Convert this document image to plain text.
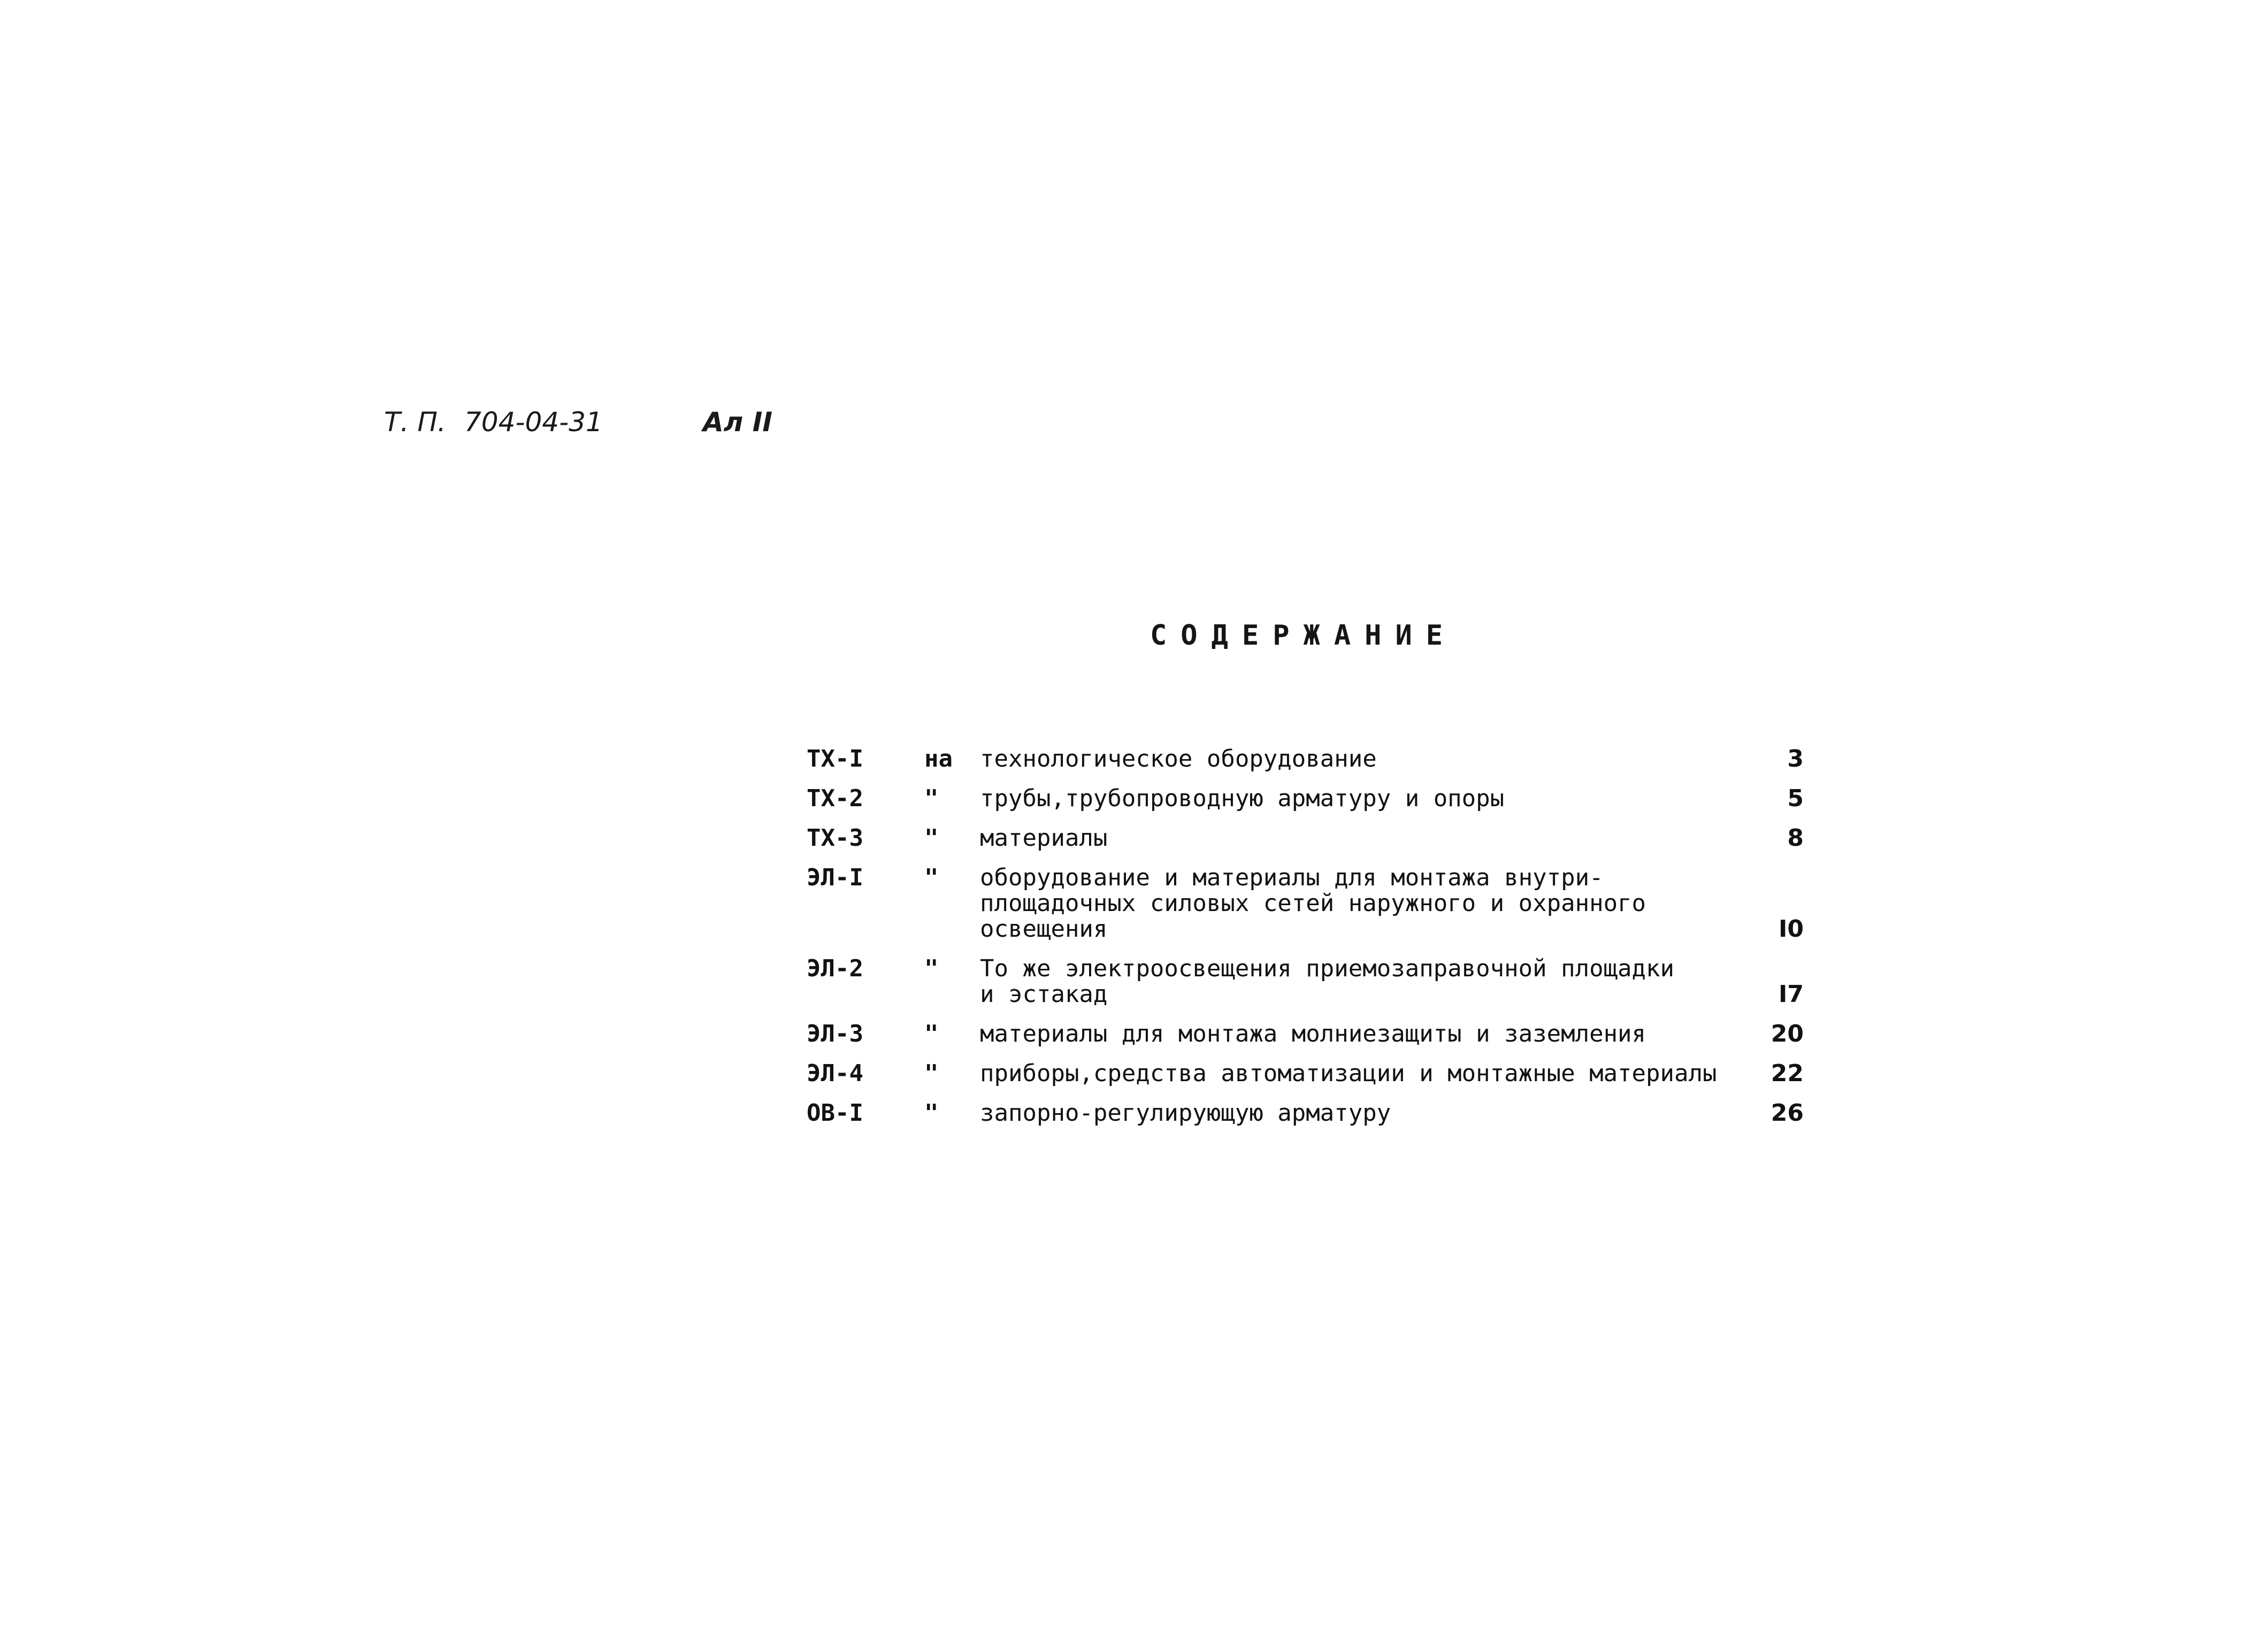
Т. П. 704-04-31	Ал II
СОДЕРЖАНИЕ
ТХ-I	на	технологическое оборудование	3
ТХ-2	"	трубы,трубопроводную арматуру и опоры	5
ТХ-3	"	материалы	8
ЭЛ-I	"	оборудование и материалы для монтажа внутри-
площадочных силовых сетей наружного и охранного
освещения	I0
ЭЛ-2	"	То же электроосвещения приемозаправочной площадки
и эстакад	I7
ЭЛ-3	"	материалы для монтажа молниезащиты и заземления	20
ЭЛ-4	"	приборы,средства автоматизации и монтажные материалы	22
ОВ-I	"	запорно-регулирующую арматуру	26
